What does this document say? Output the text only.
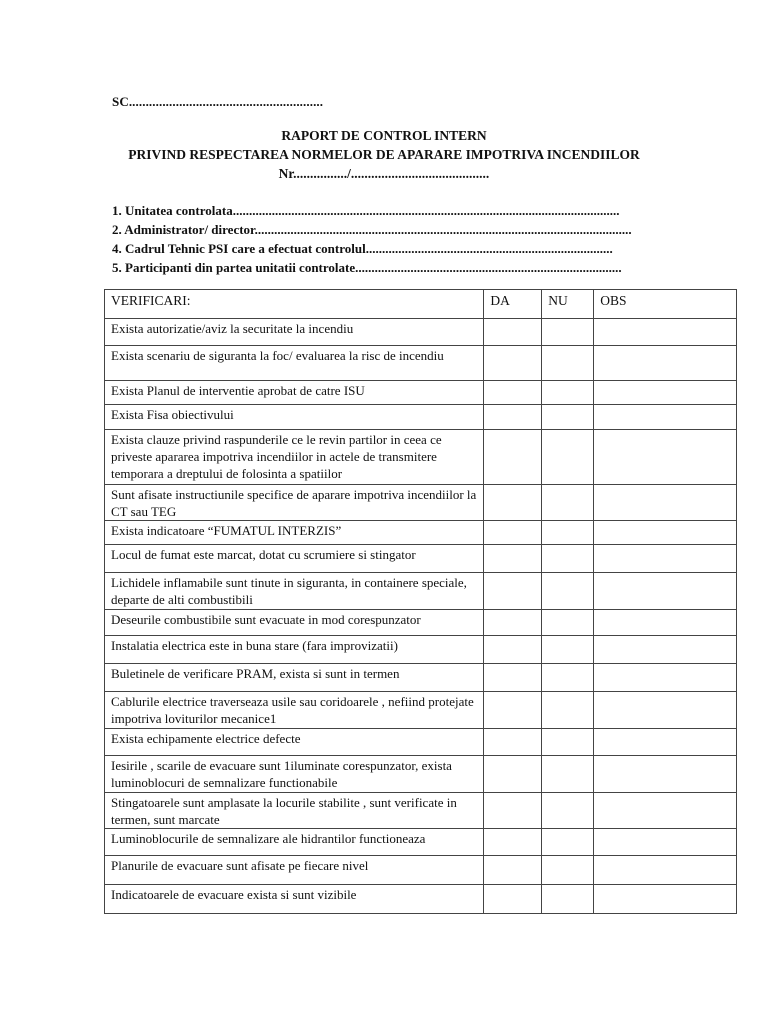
SC..........................................................
RAPORT DE CONTROL INTERN
PRIVIND RESPECTAREA NORMELOR DE APARARE IMPOTRIVA INCENDIILOR
Nr................/.........................................
1. Unitatea controlata.......................................................................................................................
2. Administrator/ director....................................................................................................................
4. Cadrul Tehnic PSI care a efectuat controlul............................................................................
5. Participanti din partea unitatii controlate..................................................................................
VERIFICARI:	DA	NU	OBS
Exista autorizatie/aviz la securitate la incendiu			
Exista scenariu de siguranta la foc/ evaluarea la risc de incendiu			
Exista Planul de interventie aprobat de catre ISU			
Exista Fisa obiectivului			
Exista clauze privind raspunderile ce le revin partilor in ceea ce priveste apararea impotriva incendiilor in actele de transmitere temporara a dreptului de folosinta a spatiilor			
Sunt afisate instructiunile specifice de aparare impotriva incendiilor la CT sau TEG			
Exista indicatoare “FUMATUL INTERZIS”			
Locul de fumat este marcat, dotat cu scrumiere si stingator			
Lichidele inflamabile sunt tinute in siguranta, in containere speciale, departe de alti combustibili			
Deseurile combustibile sunt evacuate in mod corespunzator			
Instalatia electrica este in buna stare (fara improvizatii)			
Buletinele de verificare PRAM, exista si sunt in termen			
Cablurile electrice traverseaza usile sau coridoarele , nefiind protejate impotriva loviturilor mecanice1			
Exista echipamente electrice defecte			
Iesirile , scarile de evacuare sunt 1iluminate corespunzator, exista luminoblocuri de semnalizare functionabile			
Stingatoarele sunt amplasate la locurile stabilite , sunt verificate in termen, sunt marcate			
Luminoblocurile de semnalizare ale hidrantilor functioneaza			
Planurile de evacuare sunt afisate pe fiecare nivel			
Indicatoarele de evacuare exista si sunt vizibile			
